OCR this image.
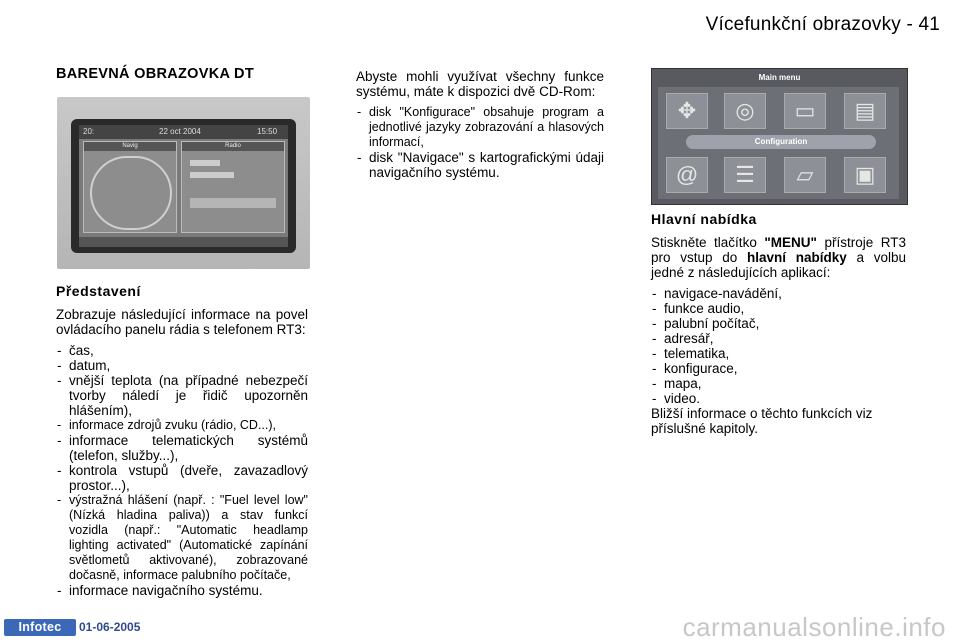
Vícefunkční obrazovky - 41
BAREVNÁ OBRAZOVKA DT
20:	22 oct 2004	15:50
Navig	Radio
Představení

Zobrazuje následující informace na povel ovládacího panelu rádia s telefonem RT3:

- čas,
- datum,
- vnější teplota (na případné nebezpečí tvorby náledí je řidič upozorněn hlášením),
- informace zdrojů zvuku (rádio, CD...),
- informace telematických systémů (telefon, služby...),
- kontrola vstupů (dveře, zavazadlový prostor...),
- výstražná hlášení (např. : "Fuel level low" (Nízká hladina paliva)) a stav funkcí vozidla (např.: "Automatic headlamp lighting activated" (Automatické zapínání světlometů aktivované), zobrazované dočasně, informace palubního počítače,
- informace navigačního systému.

Abyste mohli využívat všechny funkce systému, máte k dispozici dvě CD-Rom:

- disk "Konfigurace" obsahuje program a jednotlivé jazyky zobrazování a hlasových informací,
- disk "Navigace" s kartografickými údaji navigačního systému.
Main menu
✥	◎	▭	▤
Configuration
@	☰	▱	▣
Hlavní nabídka

Stiskněte tlačítko "MENU" přístroje RT3 pro vstup do hlavní nabídky a volbu jedné z následujících aplikací:

- navigace-navádění,
- funkce audio,
- palubní počítač,
- adresář,
- telematika,
- konfigurace,
- mapa,
- video.

Bližší informace o těchto funkcích viz příslušné kapitoly.

Infotec	01-06-2005	carmanualsonline.info
